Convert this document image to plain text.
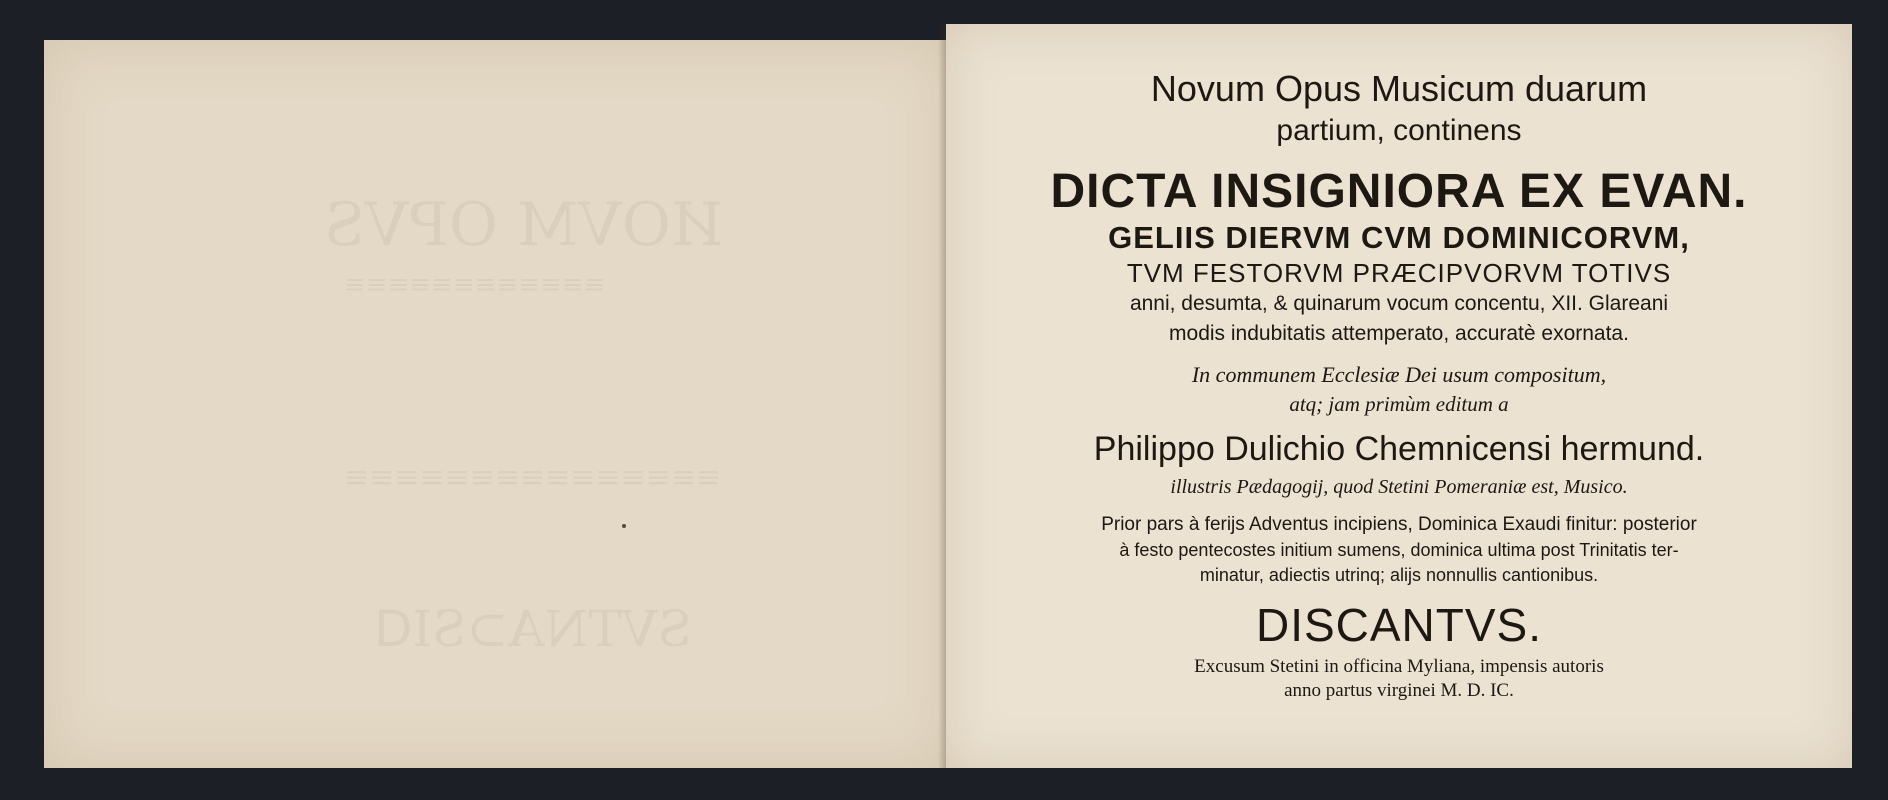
ИОVM OPVS
≡≡≡≡≡≡≡≡≡≡≡≡
≡≡≡≡≡≡≡≡≡≡≡≡≡≡≡
SVTNA⊃SIᗡ
Novum Opus Musicum duarum
partium, continens
DICTA INSIGNIORA EX EVAN.
GELIIS DIERVM CVM DOMINICORVM,
TVM FESTORVM PRÆCIPVORVM TOTIVS
anni, desumta, & quinarum vocum concentu, XII. Glareani
modis indubitatis attemperato, accuratè exornata.
In communem Ecclesiæ Dei usum compositum,
atq; jam primùm editum a
Philippo Dulichio Chemnicensi hermund.
illustris Pædagogij, quod Stetini Pomeraniæ est, Musico.
Prior pars à ferijs Adventus incipiens, Dominica Exaudi finitur: posterior
à festo pentecostes initium sumens, dominica ultima post Trinitatis ter-
minatur, adiectis utrinq; alijs nonnullis cantionibus.
DISCANTVS.
Excusum Stetini in officina Myliana, impensis autoris
anno partus virginei M. D. IC.
